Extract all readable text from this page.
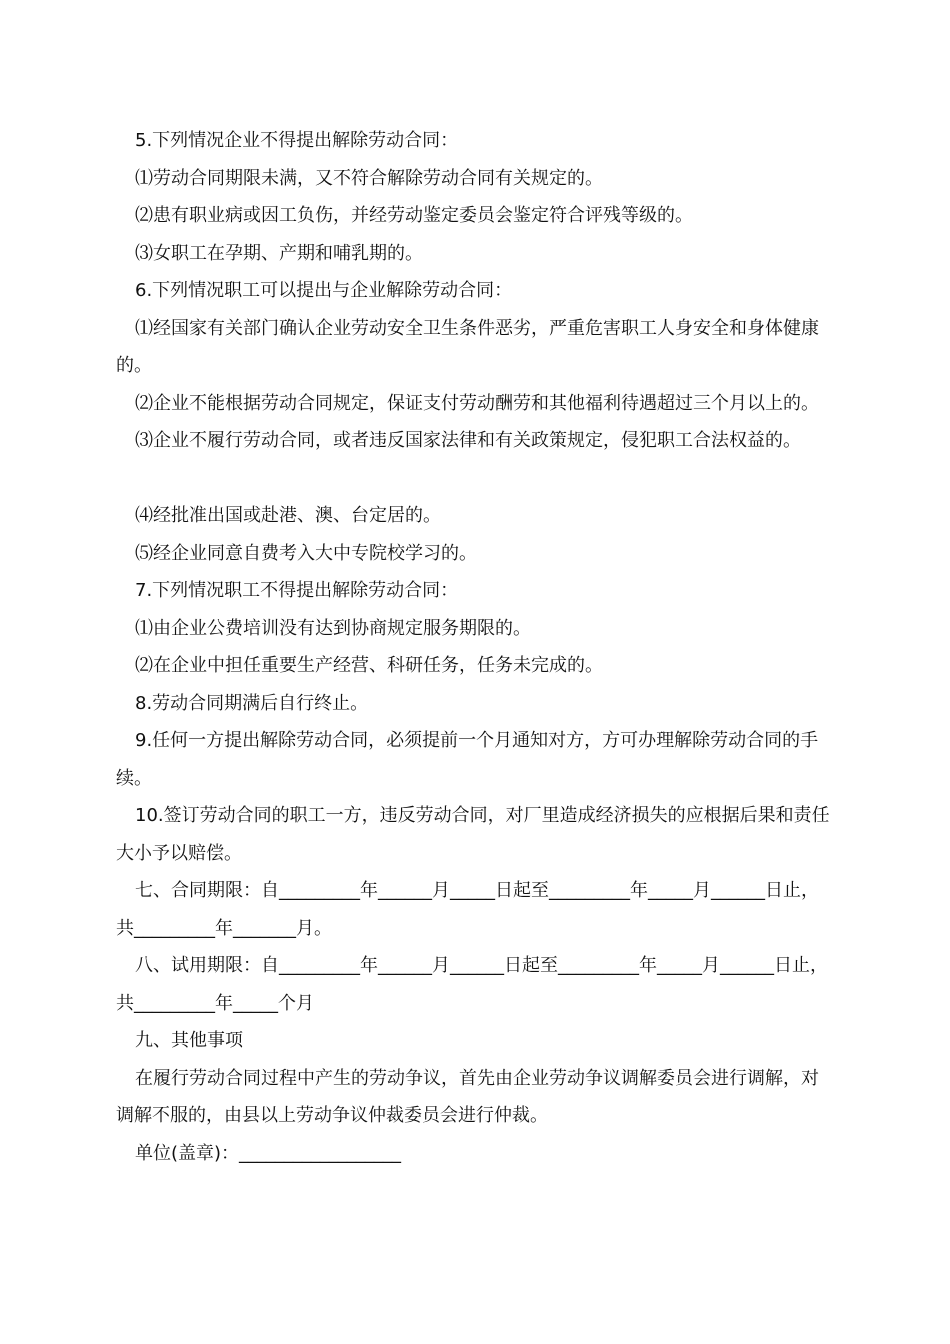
5.下列情况企业不得提出解除劳动合同：

⑴劳动合同期限未满，又不符合解除劳动合同有关规定的。

⑵患有职业病或因工负伤，并经劳动鉴定委员会鉴定符合评残等级的。

⑶女职工在孕期、产期和哺乳期的。

6.下列情况职工可以提出与企业解除劳动合同：

⑴经国家有关部门确认企业劳动安全卫生条件恶劣，严重危害职工人身安全和身体健康的。

⑵企业不能根据劳动合同规定，保证支付劳动酬劳和其他福利待遇超过三个月以上的。

⑶企业不履行劳动合同，或者违反国家法律和有关政策规定，侵犯职工合法权益的。

⑷经批准出国或赴港、澳、台定居的。

⑸经企业同意自费考入大中专院校学习的。

7.下列情况职工不得提出解除劳动合同：

⑴由企业公费培训没有达到协商规定服务期限的。

⑵在企业中担任重要生产经营、科研任务，任务未完成的。

8.劳动合同期满后自行终止。

9.任何一方提出解除劳动合同，必须提前一个月通知对方，方可办理解除劳动合同的手续。

10.签订劳动合同的职工一方，违反劳动合同，对厂里造成经济损失的应根据后果和责任大小予以赔偿。

七、合同期限：自_________年______月_____日起至_________年_____月______日止，共_________年_______月。

八、试用期限：自_________年______月______日起至_________年_____月______日止，共_________年_____个月

九、其他事项

在履行劳动合同过程中产生的劳动争议，首先由企业劳动争议调解委员会进行调解，对调解不服的，由县以上劳动争议仲裁委员会进行仲裁。

单位(盖章)：__________________
